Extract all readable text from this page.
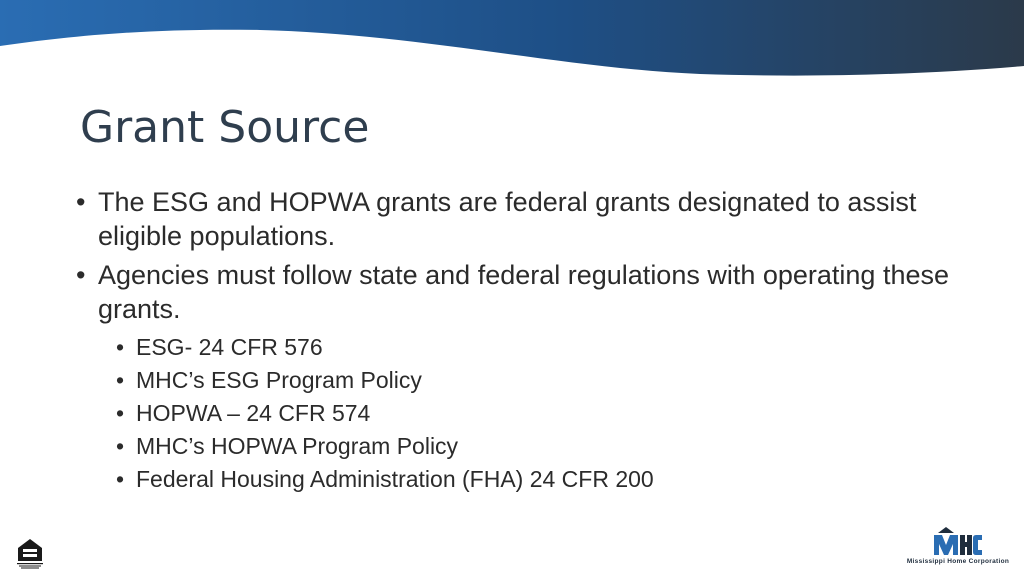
Grant Source
• The ESG and HOPWA grants are federal grants designated to assist eligible populations.
• Agencies must follow state and federal regulations with operating these grants.
• ESG- 24 CFR 576
• MHC’s ESG Program Policy
• HOPWA – 24 CFR 574
• MHC’s HOPWA Program Policy
• Federal Housing Administration (FHA) 24 CFR 200
Mississippi Home Corporation
